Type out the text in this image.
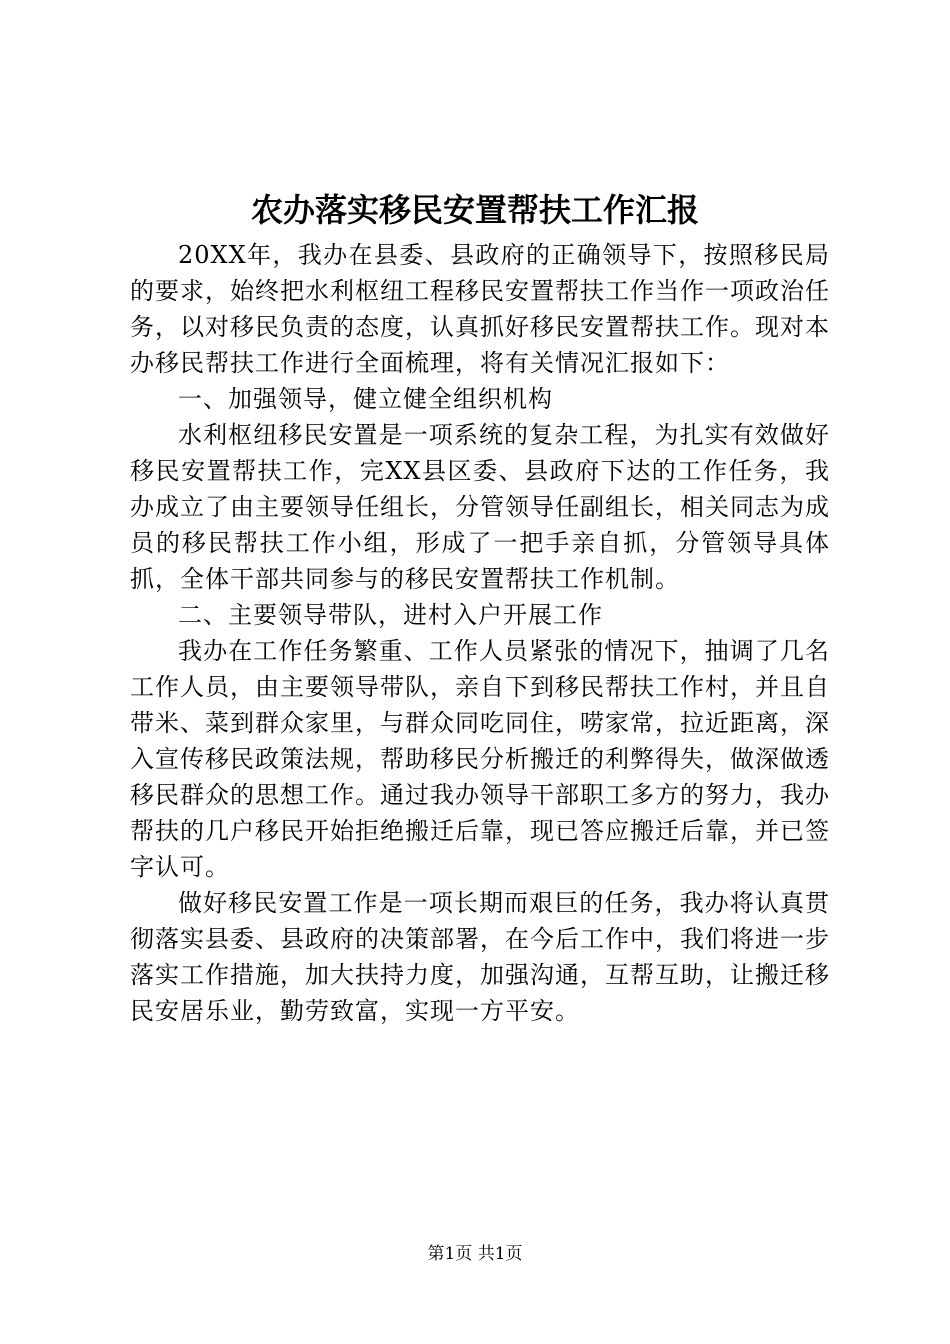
农办落实移民安置帮扶工作汇报

20XX年，我办在县委、县政府的正确领导下，按照移民局的要求，始终把水利枢纽工程移民安置帮扶工作当作一项政治任务，以对移民负责的态度，认真抓好移民安置帮扶工作。现对本办移民帮扶工作进行全面梳理，将有关情况汇报如下：

一、加强领导，健立健全组织机构

水利枢纽移民安置是一项系统的复杂工程，为扎实有效做好移民安置帮扶工作，完XX县区委、县政府下达的工作任务，我办成立了由主要领导任组长，分管领导任副组长，相关同志为成员的移民帮扶工作小组，形成了一把手亲自抓，分管领导具体抓，全体干部共同参与的移民安置帮扶工作机制。

二、主要领导带队，进村入户开展工作

我办在工作任务繁重、工作人员紧张的情况下，抽调了几名工作人员，由主要领导带队，亲自下到移民帮扶工作村，并且自带米、菜到群众家里，与群众同吃同住，唠家常，拉近距离，深入宣传移民政策法规，帮助移民分析搬迁的利弊得失，做深做透移民群众的思想工作。通过我办领导干部职工多方的努力，我办帮扶的几户移民开始拒绝搬迁后靠，现已答应搬迁后靠，并已签字认可。

做好移民安置工作是一项长期而艰巨的任务，我办将认真贯彻落实县委、县政府的决策部署，在今后工作中，我们将进一步落实工作措施，加大扶持力度，加强沟通，互帮互助，让搬迁移民安居乐业，勤劳致富，实现一方平安。

第1页 共1页
